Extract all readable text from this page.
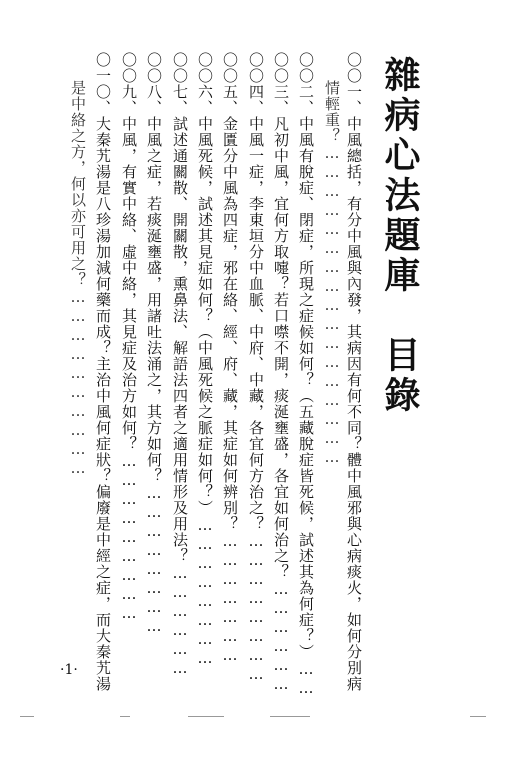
雜病心法題庫　目錄
〇〇一、中風總括，有分中風與內發，其病因有何不同？體中風邪與心病痰火，如何分別病
情輕重？……………………………………………
〇〇二、中風有脫症、閉症，所現之症候如何？（五藏脫症皆死候，試述其為何症？）……
〇〇三、凡初中風，宜何方取嚏？若口噤不開，痰涎壅盛，各宜如何治之？………………
〇〇四、中風一症，李東垣分中血脈、中府、中藏，各宜何方治之？……………………
〇〇五、金匱分中風為四症，邪在絡、經、府、藏，其症如何辨別？…………………
〇〇六、中風死候，試述其見症如何？（中風死候之脈症如何？）……………………
〇〇七、試述通關散、開關散，熏鼻法、解語法四者之適用情形及用法？………………
〇〇八、中風之症，若痰涎壅盛，用諸吐法涌之，其方如何？……………………
〇〇九、中風，有實中絡、虛中絡，其見症及治方如何？………………………
〇一〇、大秦艽湯是八珍湯加減何藥而成？主治中風何症狀？偏廢是中經之症，而大秦艽湯
是中絡之方，何以亦可用之？…………………………
·1·
